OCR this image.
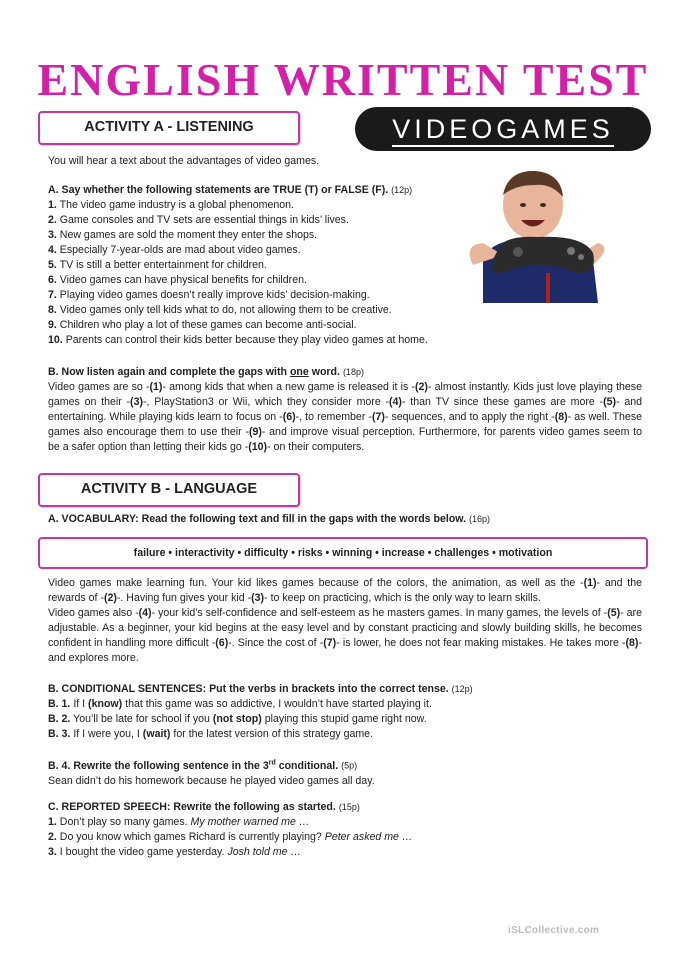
ENGLISH WRITTEN TEST
ACTIVITY A - LISTENING	VIDEOGAMES
You will hear a text about the advantages of video games.

A. Say whether the following statements are TRUE (T) or FALSE (F). (12p)

1. The video game industry is a global phenomenon.

2. Game consoles and TV sets are essential things in kids’ lives.

3. New games are sold the moment they enter the shops.

4. Especially 7-year-olds are mad about video games.

5. TV is still a better entertainment for children.

6. Video games can have physical benefits for children.

7. Playing video games doesn’t really improve kids’ decision-making.

8. Video games only tell kids what to do, not allowing them to be creative.

9. Children who play a lot of these games can become anti-social.

10. Parents can control their kids better because they play video games at home.

B. Now listen again and complete the gaps with one word. (18p)

Video games are so -(1)- among kids that when a new game is released it is -(2)- almost instantly. Kids just love playing these games on their -(3)-, PlayStation3 or Wii, which they consider more -(4)- than TV since these games are more -(5)- and entertaining. While playing kids learn to focus on -(6)-, to remember -(7)- sequences, and to apply the right -(8)- as well. These games also encourage them to use their -(9)- and improve visual perception. Furthermore, for parents video games seem to be a safer option than letting their kids go -(10)- on their computers.

ACTIVITY B - LANGUAGE
A. VOCABULARY: Read the following text and fill in the gaps with the words below. (16p)
failure • interactivity • difficulty • risks • winning • increase • challenges • motivation

Video games make learning fun. Your kid likes games because of the colors, the animation, as well as the -(1)- and the rewards of -(2)-. Having fun gives your kid -(3)- to keep on practicing, which is the only way to learn skills.

Video games also -(4)- your kid’s self-confidence and self-esteem as he masters games. In many games, the levels of -(5)- are adjustable. As a beginner, your kid begins at the easy level and by constant practicing and slowly building skills, he becomes confident in handling more difficult -(6)-. Since the cost of -(7)- is lower, he does not fear making mistakes. He takes more -(8)- and explores more.

B. CONDITIONAL SENTENCES: Put the verbs in brackets into the correct tense. (12p)

B. 1. If I (know) that this game was so addictive, I wouldn’t have started playing it.

B. 2. You’ll be late for school if you (not stop) playing this stupid game right now.

B. 3. If I were you, I (wait) for the latest version of this strategy game.

B. 4. Rewrite the following sentence in the 3rd conditional. (5p)

Sean didn’t do his homework because he played video games all day.

C. REPORTED SPEECH: Rewrite the following as started. (15p)

1. Don’t play so many games. My mother warned me …

2. Do you know which games Richard is currently playing? Peter asked me …

3. I bought the video game yesterday. Josh told me …

iSLCollective.com
